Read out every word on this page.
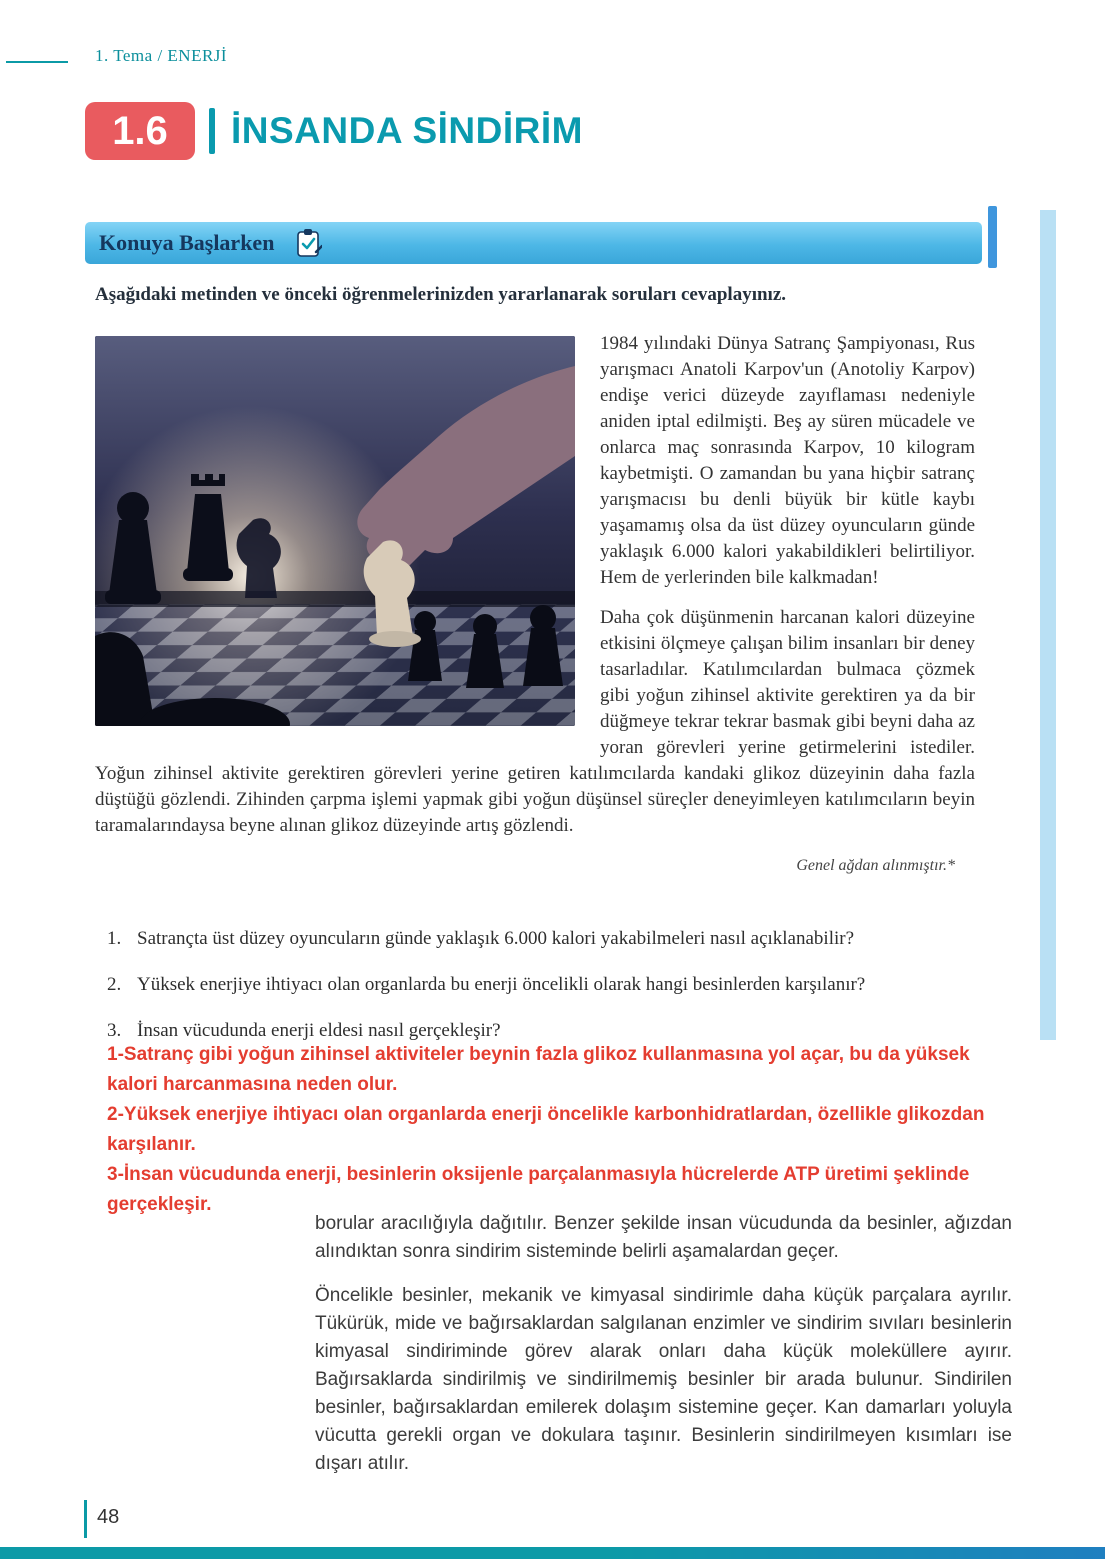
1. Tema / ENERJİ
1.6	İNSANDA SİNDİRİM
Konuya Başlarken
Aşağıdaki metinden ve önceki öğrenmelerinizden yararlanarak soruları cevaplayınız.

1984 yılındaki Dünya Satranç Şampiyonası, Rus yarışmacı Anatoli Karpov'un (Anotoliy Karpov) endişe verici düzeyde zayıflaması nedeniyle aniden iptal edilmişti. Beş ay süren mücadele ve onlarca maç sonrasında Karpov, 10 kilogram kaybetmişti. O zamandan bu yana hiçbir satranç yarışmacısı bu denli büyük bir kütle kaybı yaşamamış olsa da üst düzey oyuncuların günde yaklaşık 6.000 kalori yakabildikleri belirtiliyor. Hem de yerlerinden bile kalkmadan!

Daha çok düşünmenin harcanan kalori düzeyine etkisini ölçmeye çalışan bilim insanları bir deney tasarladılar. Katılımcılardan bulmaca çözmek gibi yoğun zihinsel aktivite gerektiren ya da bir düğmeye tekrar tekrar basmak gibi beyni daha az yoran görevleri yerine getirmelerini istediler. Yoğun zihinsel aktivite gerektiren görevleri yerine getiren katılımcılarda kandaki glikoz düzeyinin daha fazla düştüğü gözlendi. Zihinden çarpma işlemi yapmak gibi yoğun düşünsel süreçler deneyimleyen katılımcıların beyin taramalarındaysa beyne alınan glikoz düzeyinde artış gözlendi.

Genel ağdan alınmıştır.*
1. Satrançta üst düzey oyuncuların günde yaklaşık 6.000 kalori yakabilmeleri nasıl açıklanabilir?
2. Yüksek enerjiye ihtiyacı olan organlarda bu enerji öncelikli olarak hangi besinlerden karşılanır?
3. İnsan vücudunda enerji eldesi nasıl gerçekleşir?

1-Satranç gibi yoğun zihinsel aktiviteler beynin fazla glikoz kullanmasına yol açar, bu da yüksek kalori harcanmasına neden olur.

2-Yüksek enerjiye ihtiyacı olan organlarda enerji öncelikle karbonhidratlardan, özellikle glikozdan karşılanır.

3-İnsan vücudunda enerji, besinlerin oksijenle parçalanmasıyla hücrelerde ATP üretimi şeklinde gerçekleşir.

borular aracılığıyla dağıtılır. Benzer şekilde insan vücudunda da besinler, ağızdan alındıktan sonra sindirim sisteminde belirli aşamalardan geçer.

Öncelikle besinler, mekanik ve kimyasal sindirimle daha küçük parçalara ayrılır. Tükürük, mide ve bağırsaklardan salgılanan enzimler ve sindirim sıvıları besinlerin kimyasal sindiriminde görev alarak onları daha küçük moleküllere ayırır. Bağırsaklarda sindirilmiş ve sindirilmemiş besinler bir arada bulunur. Sindirilen besinler, bağırsaklardan emilerek dolaşım sistemine geçer. Kan damarları yoluyla vücutta gerekli organ ve dokulara taşınır. Besinlerin sindirilmeyen kısımları ise dışarı atılır.

48
